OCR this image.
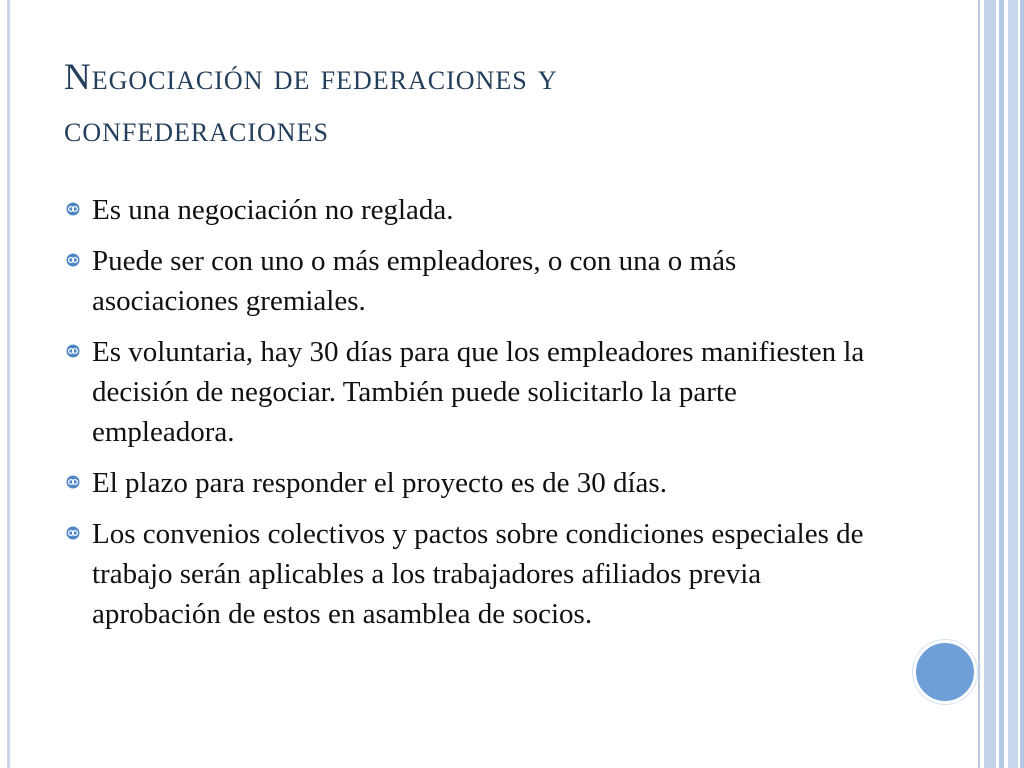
Negociación de federaciones y confederaciones
Es una negociación no reglada.
Puede ser con uno o más empleadores, o con una o más asociaciones gremiales.
Es voluntaria, hay 30 días para que los empleadores manifiesten la decisión de negociar. También puede solicitarlo la parte empleadora.
El plazo para responder el proyecto es de 30 días.
Los convenios colectivos y pactos sobre condiciones especiales de trabajo serán aplicables a los trabajadores afiliados previa aprobación de estos en asamblea de socios.
